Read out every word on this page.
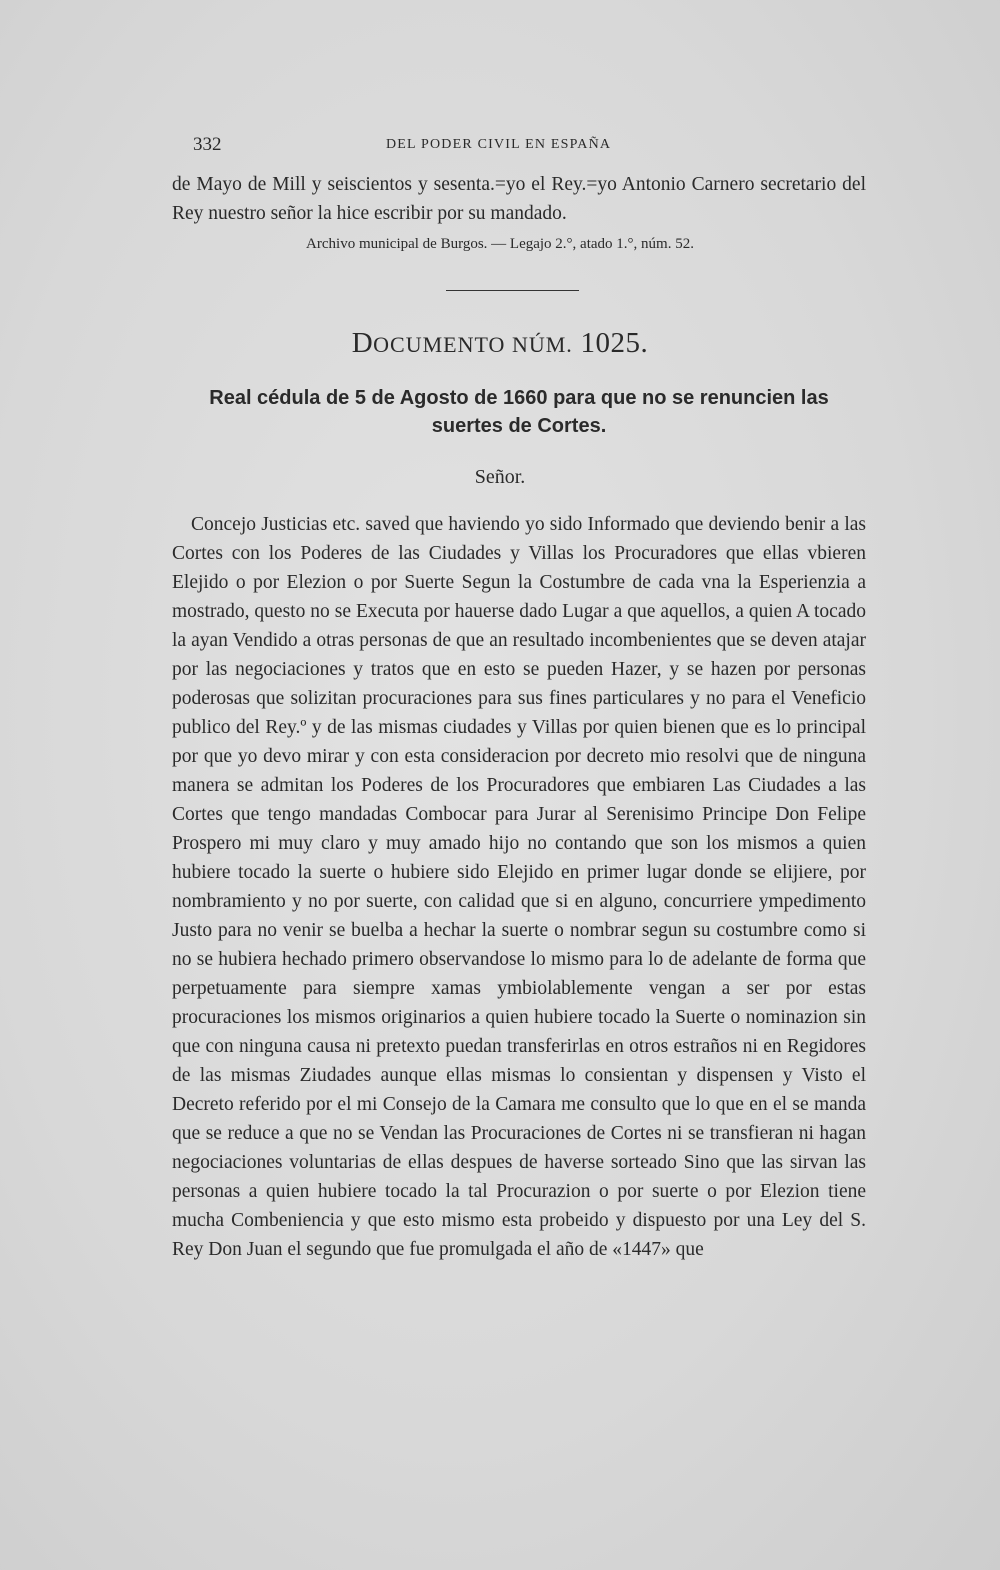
332	DEL PODER CIVIL EN ESPAÑA

de Mayo de Mill y seiscientos y sesenta.=yo el Rey.=yo Antonio Carnero secretario del Rey nuestro señor la hice escribir por su mandado.

Archivo municipal de Burgos. — Legajo 2.°, atado 1.°, núm. 52.

DOCUMENTO NÚM. 1025.

Real cédula de 5 de Agosto de 1660 para que no se renuncien las suertes de Cortes.

Señor.

Concejo Justicias etc. saved que haviendo yo sido Informado que deviendo benir a las Cortes con los Poderes de las Ciudades y Villas los Procuradores que ellas vbieren Elejido o por Elezion o por Suerte Segun la Costumbre de cada vna la Esperienzia a mostrado, questo no se Executa por hauerse dado Lugar a que aquellos, a quien A tocado la ayan Vendido a otras personas de que an resultado incombenientes que se deven atajar por las negociaciones y tratos que en esto se pueden Hazer, y se hazen por personas poderosas que solizitan procuraciones para sus fines particulares y no para el Veneficio publico del Rey.º y de las mismas ciudades y Villas por quien bienen que es lo principal por que yo devo mirar y con esta consideracion por decreto mio resolvi que de ninguna manera se admitan los Poderes de los Procuradores que embiaren Las Ciudades a las Cortes que tengo mandadas Combocar para Jurar al Serenisimo Principe Don Felipe Prospero mi muy claro y muy amado hijo no contando que son los mismos a quien hubiere tocado la suerte o hubiere sido Elejido en primer lugar donde se elijiere, por nombramiento y no por suerte, con calidad que si en alguno, concurriere ympedimento Justo para no venir se buelba a hechar la suerte o nombrar segun su costumbre como si no se hubiera hechado primero observandose lo mismo para lo de adelante de forma que perpetuamente para siempre xamas ymbiolablemente vengan a ser por estas procuraciones los mismos originarios a quien hubiere tocado la Suerte o nominazion sin que con ninguna causa ni pretexto puedan transferirlas en otros estraños ni en Regidores de las mismas Ziudades aunque ellas mismas lo consientan y dispensen y Visto el Decreto referido por el mi Consejo de la Camara me consulto que lo que en el se manda que se reduce a que no se Vendan las Procuraciones de Cortes ni se transfieran ni hagan negociaciones voluntarias de ellas despues de haverse sorteado Sino que las sirvan las personas a quien hubiere tocado la tal Procurazion o por suerte o por Elezion tiene mucha Combeniencia y que esto mismo esta probeido y dispuesto por una Ley del S. Rey Don Juan el segundo que fue promulgada el año de «1447» que
